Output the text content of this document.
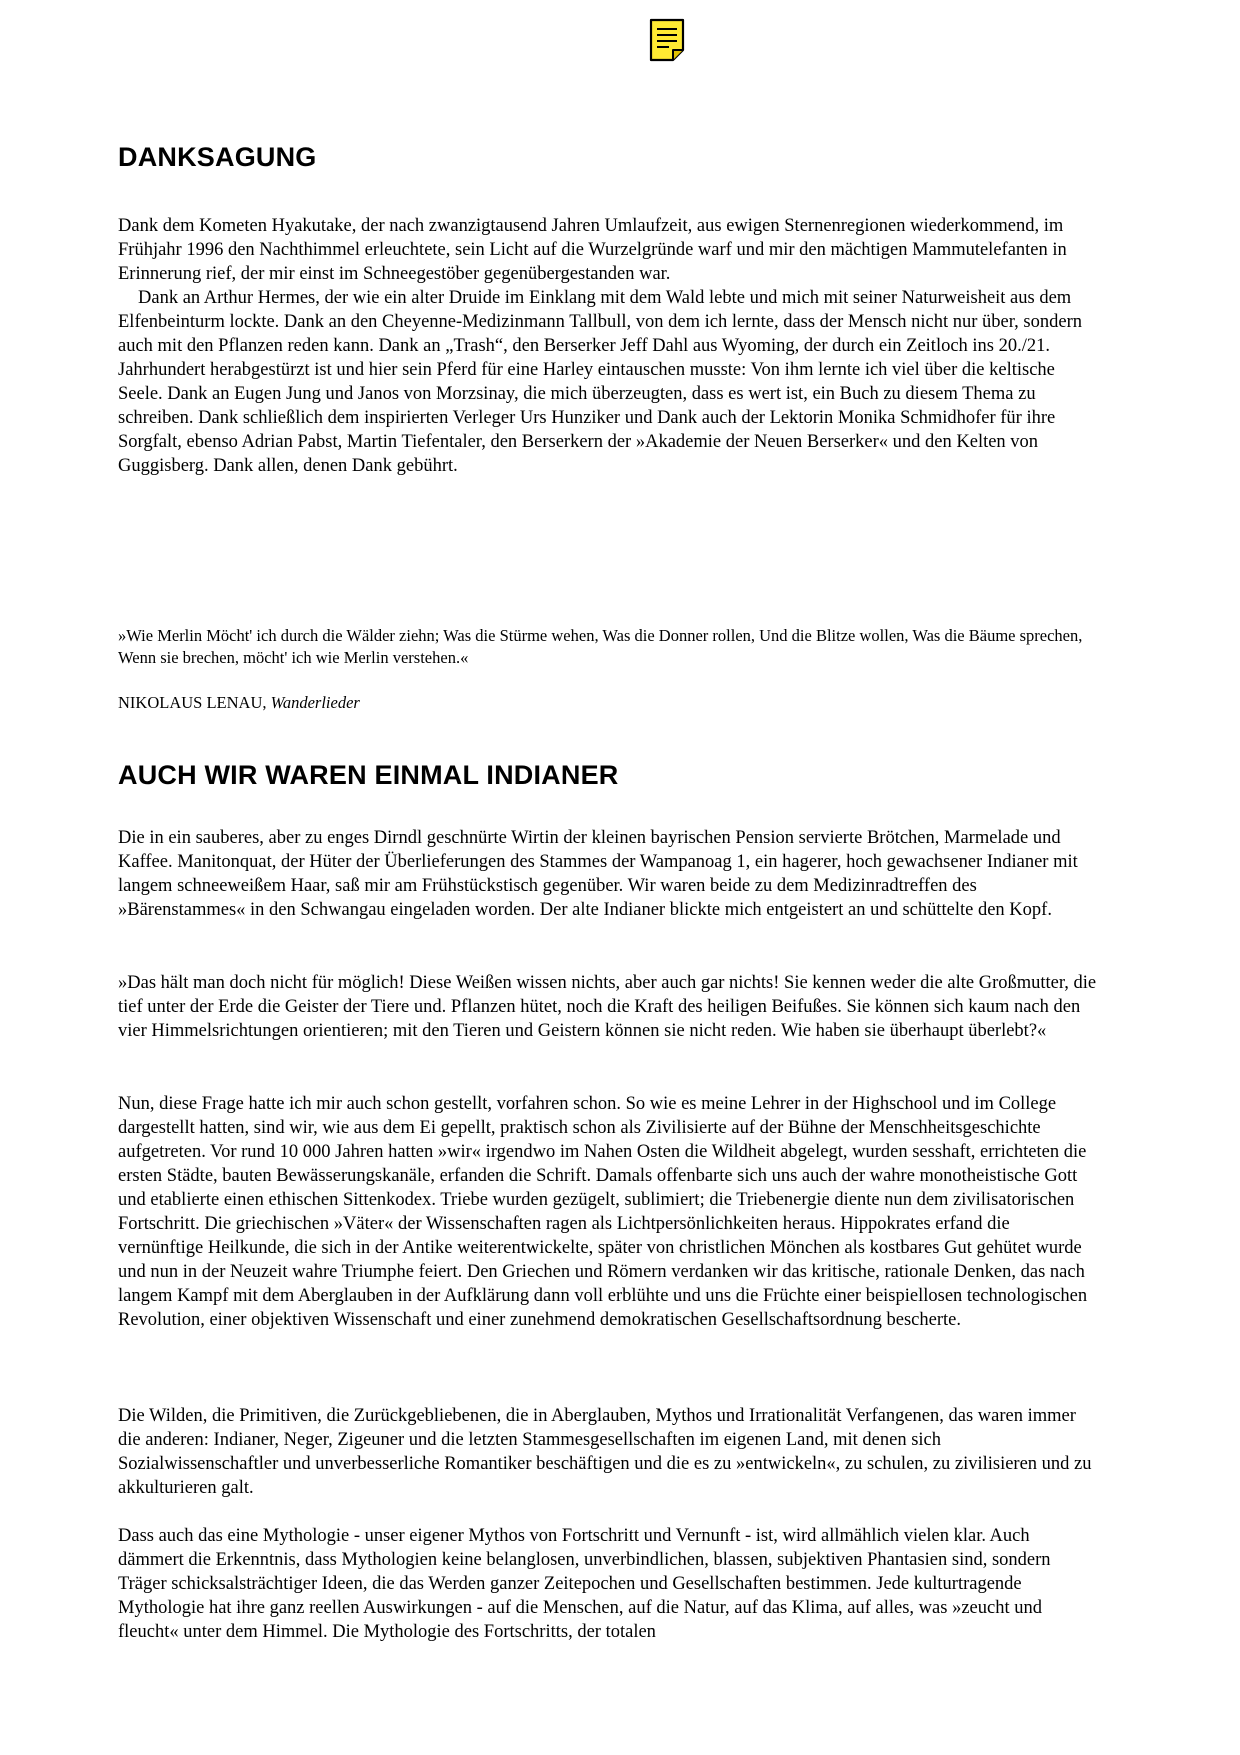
DANKSAGUNG

Dank dem Kometen Hyakutake, der nach zwanzigtausend Jahren Umlaufzeit, aus ewigen Sternenregionen wiederkommend, im Frühjahr 1996 den Nachthimmel erleuchtete, sein Licht auf die Wurzelgründe warf und mir den mächtigen Mammutelefanten in Erinnerung rief, der mir einst im Schneegestöber gegenübergestanden war.

Dank an Arthur Hermes, der wie ein alter Druide im Einklang mit dem Wald lebte und mich mit seiner Naturweisheit aus dem Elfenbeinturm lockte. Dank an den Cheyenne-Medizinmann Tallbull, von dem ich lernte, dass der Mensch nicht nur über, sondern auch mit den Pflanzen reden kann. Dank an „Trash“, den Berserker Jeff Dahl aus Wyoming, der durch ein Zeitloch ins 20./21. Jahrhundert herabgestürzt ist und hier sein Pferd für eine Harley eintauschen musste: Von ihm lernte ich viel über die keltische Seele. Dank an Eugen Jung und Janos von Morzsinay, die mich überzeugten, dass es wert ist, ein Buch zu diesem Thema zu schreiben. Dank schließlich dem inspirierten Verleger Urs Hunziker und Dank auch der Lektorin Monika Schmidhofer für ihre Sorgfalt, ebenso Adrian Pabst, Martin Tiefentaler, den Berserkern der »Akademie der Neuen Berserker« und den Kelten von Guggisberg. Dank allen, denen Dank gebührt.

»Wie Merlin Möcht' ich durch die Wälder ziehn; Was die Stürme wehen, Was die Donner rollen, Und die Blitze wollen, Was die Bäume sprechen, Wenn sie brechen, möcht' ich wie Merlin verstehen.«

NIKOLAUS LENAU, Wanderlieder

AUCH WIR WAREN EINMAL INDIANER

Die in ein sauberes, aber zu enges Dirndl geschnürte Wirtin der kleinen bayrischen Pension servierte Brötchen, Marmelade und Kaffee. Manitonquat, der Hüter der Überlieferungen des Stammes der Wampanoag 1, ein hagerer, hoch gewachsener Indianer mit langem schneeweißem Haar, saß mir am Frühstückstisch gegenüber. Wir waren beide zu dem Medizinradtreffen des »Bärenstammes« in den Schwangau eingeladen worden. Der alte Indianer blickte mich entgeistert an und schüttelte den Kopf.

»Das hält man doch nicht für möglich! Diese Weißen wissen nichts, aber auch gar nichts! Sie kennen weder die alte Großmutter, die tief unter der Erde die Geister der Tiere und. Pflanzen hütet, noch die Kraft des heiligen Beifußes. Sie können sich kaum nach den vier Himmelsrichtungen orientieren; mit den Tieren und Geistern können sie nicht reden. Wie haben sie überhaupt überlebt?«

Nun, diese Frage hatte ich mir auch schon gestellt, vorfahren schon. So wie es meine Lehrer in der Highschool und im College dargestellt hatten, sind wir, wie aus dem Ei gepellt, praktisch schon als Zivilisierte auf der Bühne der Menschheitsgeschichte aufgetreten. Vor rund 10 000 Jahren hatten »wir« irgendwo im Nahen Osten die Wildheit abgelegt, wurden sesshaft, errichteten die ersten Städte, bauten Bewässerungskanäle, erfanden die Schrift. Damals offenbarte sich uns auch der wahre monotheistische Gott und etablierte einen ethischen Sittenkodex. Triebe wurden gezügelt, sublimiert; die Triebenergie diente nun dem zivilisatorischen Fortschritt. Die griechischen »Väter« der Wissenschaften ragen als Lichtpersönlichkeiten heraus. Hippokrates erfand die vernünftige Heilkunde, die sich in der Antike weiterentwickelte, später von christlichen Mönchen als kostbares Gut gehütet wurde und nun in der Neuzeit wahre Triumphe feiert. Den Griechen und Römern verdanken wir das kritische, rationale Denken, das nach langem Kampf mit dem Aberglauben in der Aufklärung dann voll erblühte und uns die Früchte einer beispiellosen technologischen Revolution, einer objektiven Wissenschaft und einer zunehmend demokratischen Gesellschaftsordnung bescherte.

Die Wilden, die Primitiven, die Zurückgebliebenen, die in Aberglauben, Mythos und Irrationalität Verfangenen, das waren immer die anderen: Indianer, Neger, Zigeuner und die letzten Stammesgesellschaften im eigenen Land, mit denen sich Sozialwissenschaftler und unverbesserliche Romantiker beschäftigen und die es zu »entwickeln«, zu schulen, zu zivilisieren und zu akkulturieren galt.

Dass auch das eine Mythologie - unser eigener Mythos von Fortschritt und Vernunft - ist, wird allmählich vielen klar. Auch dämmert die Erkenntnis, dass Mythologien keine belanglosen, unverbindlichen, blassen, subjektiven Phantasien sind, sondern Träger schicksalsträchtiger Ideen, die das Werden ganzer Zeitepochen und Gesellschaften bestimmen. Jede kulturtragende Mythologie hat ihre ganz reellen Auswirkungen - auf die Menschen, auf die Natur, auf das Klima, auf alles, was »zeucht und fleucht« unter dem Himmel. Die Mythologie des Fortschritts, der totalen
